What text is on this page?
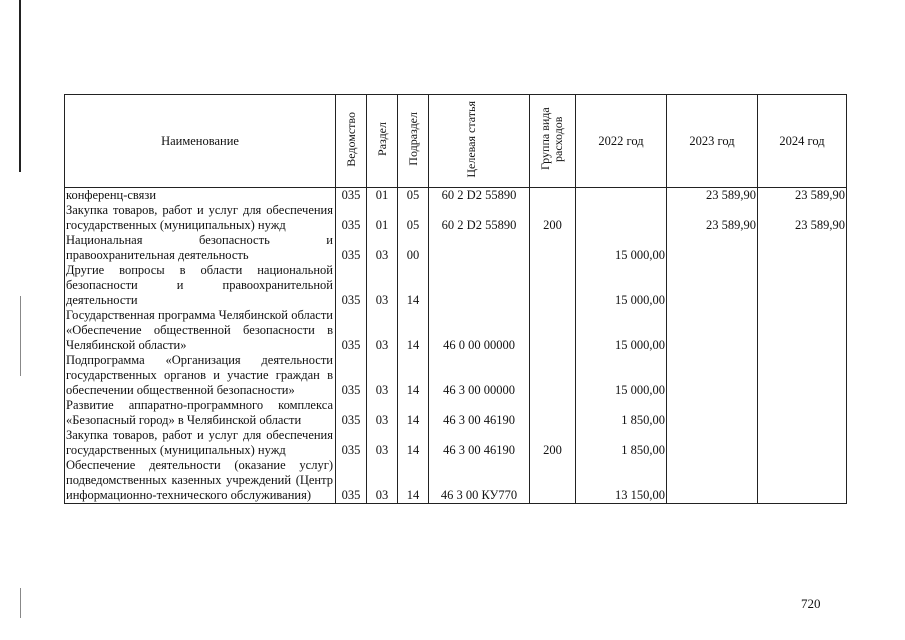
Наименование	Ведомство	Раздел	Подраздел	Целевая статья	Группа вида расходов	2022 год	2023 год	2024 год
конференц-связи	035	01	05	60 2 D2 55890			23 589,90	23 589,90
Закупка товаров, работ и услуг для обеспечения государственных (муниципальных) нужд	035	01	05	60 2 D2 55890	200		23 589,90	23 589,90
Национальная безопасность и правоохранительная деятельность	035	03	00			15 000,00		
Другие вопросы в области национальной безопасности и правоохранительной деятельности	035	03	14			15 000,00		
Государственная программа Челябинской области «Обеспечение общественной безопасности в Челябинской области»	035	03	14	46 0 00 00000		15 000,00		
Подпрограмма «Организация деятельности государственных органов и участие граждан в обеспечении общественной безопасности»	035	03	14	46 3 00 00000		15 000,00		
Развитие аппаратно-программного комплекса «Безопасный город» в Челябинской области	035	03	14	46 3 00 46190		1 850,00		
Закупка товаров, работ и услуг для обеспечения государственных (муниципальных) нужд	035	03	14	46 3 00 46190	200	1 850,00		
Обеспечение деятельности (оказание услуг) подведомственных казенных учреждений (Центр информационно-технического обслуживания)	035	03	14	46 3 00 КУ770		13 150,00		
720
